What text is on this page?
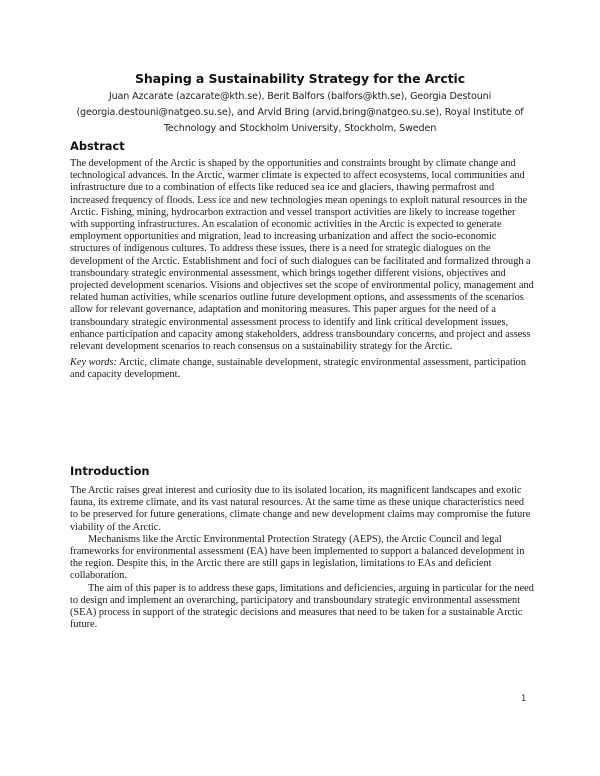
Shaping a Sustainability Strategy for the Arctic
Juan Azcarate (azcarate@kth.se), Berit Balfors (balfors@kth.se), Georgia Destouni
(georgia.destouni@natgeo.su.se), and Arvid Bring (arvid.bring@natgeo.su.se), Royal Institute of
Technology and Stockholm University, Stockholm, Sweden
Abstract

The development of the Arctic is shaped by the opportunities and constraints brought by climate change and technological advances. In the Arctic, warmer climate is expected to affect ecosystems, local communities and infrastructure due to a combination of effects like reduced sea ice and glaciers, thawing permafrost and increased frequency of floods. Less ice and new technologies mean openings to exploit natural resources in the Arctic. Fishing, mining, hydrocarbon extraction and vessel transport activities are likely to increase together with supporting infrastructures. An escalation of economic activities in the Arctic is expected to generate employment opportunities and migration, lead to increasing urbanization and affect the socio-economic structures of indigenous cultures. To address these issues, there is a need for strategic dialogues on the development of the Arctic. Establishment and foci of such dialogues can be facilitated and formalized through a transboundary strategic environmental assessment, which brings together different visions, objectives and projected development scenarios. Visions and objectives set the scope of environmental policy, management and related human activities, while scenarios outline future development options, and assessments of the scenarios allow for relevant governance, adaptation and monitoring measures. This paper argues for the need of a transboundary strategic environmental assessment process to identify and link critical development issues, enhance participation and capacity among stakeholders, address transboundary concerns, and project and assess relevant development scenarios to reach consensus on a sustainability strategy for the Arctic.

Key words: Arctic, climate change, sustainable development, strategic environmental assessment, participation and capacity development.

Introduction

The Arctic raises great interest and curiosity due to its isolated location, its magnificent landscapes and exotic fauna, its extreme climate, and its vast natural resources. At the same time as these unique characteristics need to be preserved for future generations, climate change and new development claims may compromise the future viability of the Arctic.

Mechanisms like the Arctic Environmental Protection Strategy (AEPS), the Arctic Council and legal frameworks for environmental assessment (EA) have been implemented to support a balanced development in the region. Despite this, in the Arctic there are still gaps in legislation, limitations to EAs and deficient collaboration.

The aim of this paper is to address these gaps, limitations and deficiencies, arguing in particular for the need to design and implement an overarching, participatory and transboundary strategic environmental assessment (SEA) process in support of the strategic decisions and measures that need to be taken for a sustainable Arctic future.

1
